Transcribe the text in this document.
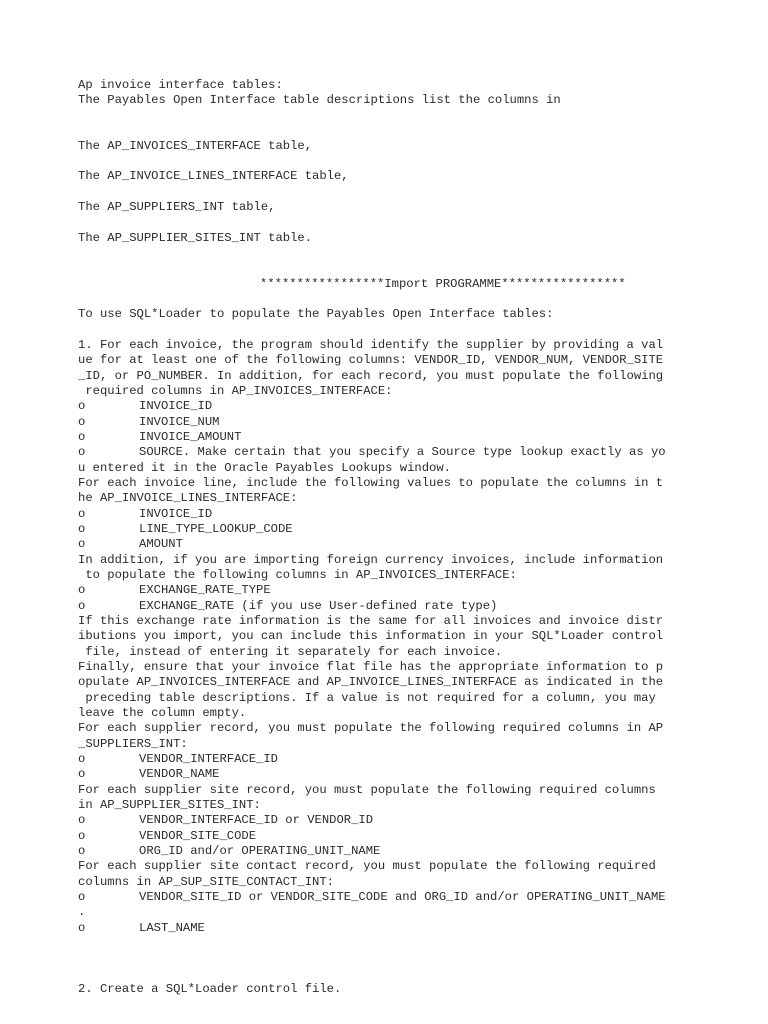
Ap invoice interface tables:
The Payables Open Interface table descriptions list the columns in
The AP_INVOICES_INTERFACE table,
The AP_INVOICE_LINES_INTERFACE table,
The AP_SUPPLIERS_INT table,
The AP_SUPPLIER_SITES_INT table.
*****************Import PROGRAMME*****************
To use SQL*Loader to populate the Payables Open Interface tables:
1. For each invoice, the program should identify the supplier by providing a val
ue for at least one of the following columns: VENDOR_ID, VENDOR_NUM, VENDOR_SITE
_ID, or PO_NUMBER. In addition, for each record, you must populate the following
required columns in AP_INVOICES_INTERFACE:
o	INVOICE_ID
o	INVOICE_NUM
o	INVOICE_AMOUNT
o	SOURCE. Make certain that you specify a Source type lookup exactly as yo
u entered it in the Oracle Payables Lookups window.
For each invoice line, include the following values to populate the columns in t
he AP_INVOICE_LINES_INTERFACE:
o	INVOICE_ID
o	LINE_TYPE_LOOKUP_CODE
o	AMOUNT
In addition, if you are importing foreign currency invoices, include information
to populate the following columns in AP_INVOICES_INTERFACE:
o	EXCHANGE_RATE_TYPE
o	EXCHANGE_RATE (if you use User-defined rate type)
If this exchange rate information is the same for all invoices and invoice distr
ibutions you import, you can include this information in your SQL*Loader control
file, instead of entering it separately for each invoice.
Finally, ensure that your invoice flat file has the appropriate information to p
opulate AP_INVOICES_INTERFACE and AP_INVOICE_LINES_INTERFACE as indicated in the
preceding table descriptions. If a value is not required for a column, you may
leave the column empty.
For each supplier record, you must populate the following required columns in AP
_SUPPLIERS_INT:
o	VENDOR_INTERFACE_ID
o	VENDOR_NAME
For each supplier site record, you must populate the following required columns
in AP_SUPPLIER_SITES_INT:
o	VENDOR_INTERFACE_ID or VENDOR_ID
o	VENDOR_SITE_CODE
o	ORG_ID and/or OPERATING_UNIT_NAME
For each supplier site contact record, you must populate the following required
columns in AP_SUP_SITE_CONTACT_INT:
o	VENDOR_SITE_ID or VENDOR_SITE_CODE and ORG_ID and/or OPERATING_UNIT_NAME
.
o	LAST_NAME
2. Create a SQL*Loader control file.
